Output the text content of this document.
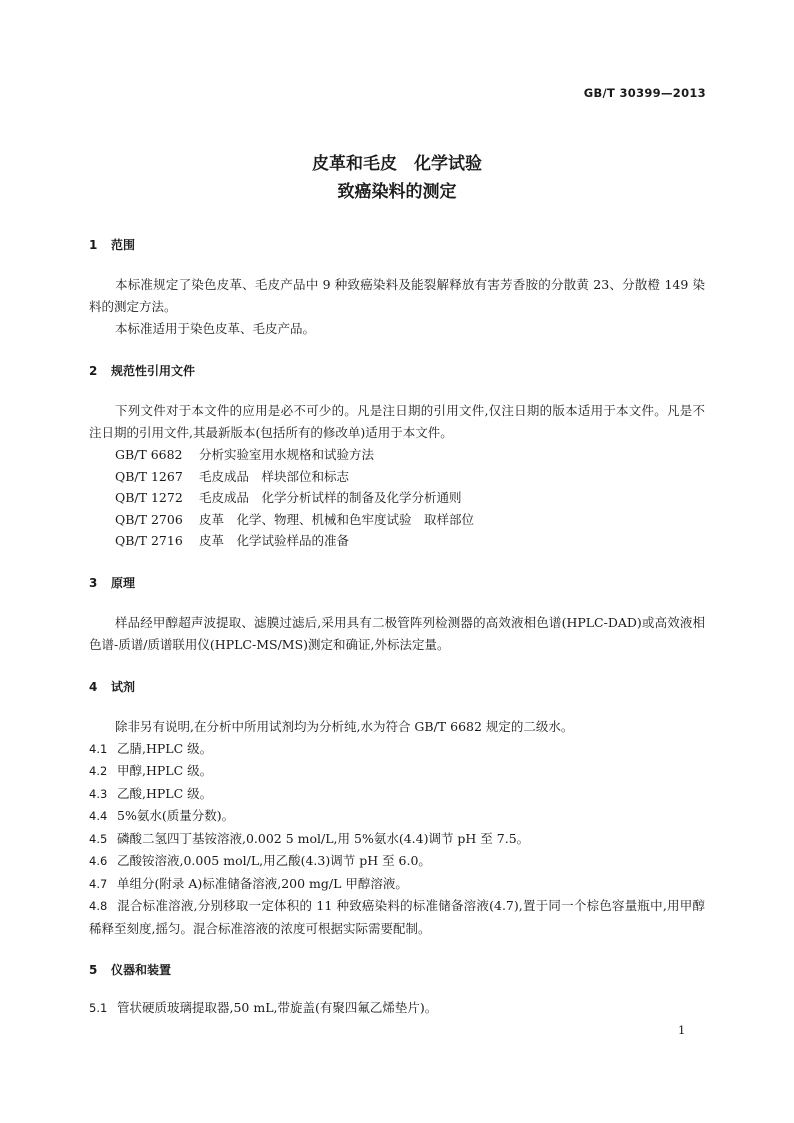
GB/T 30399—2013
皮革和毛皮　化学试验
致癌染料的测定
1 范围
本标准规定了染色皮革、毛皮产品中 9 种致癌染料及能裂解释放有害芳香胺的分散黄 23、分散橙 149 染料的测定方法。
本标准适用于染色皮革、毛皮产品。
2 规范性引用文件
下列文件对于本文件的应用是必不可少的。凡是注日期的引用文件,仅注日期的版本适用于本文件。凡是不注日期的引用文件,其最新版本(包括所有的修改单)适用于本文件。
GB/T 6682 分析实验室用水规格和试验方法
QB/T 1267 毛皮成品　样块部位和标志
QB/T 1272 毛皮成品　化学分析试样的制备及化学分析通则
QB/T 2706 皮革　化学、物理、机械和色牢度试验　取样部位
QB/T 2716 皮革　化学试验样品的准备
3 原理
样品经甲醇超声波提取、滤膜过滤后,采用具有二极管阵列检测器的高效液相色谱(HPLC-DAD)或高效液相色谱-质谱/质谱联用仪(HPLC-MS/MS)测定和确证,外标法定量。
4 试剂
除非另有说明,在分析中所用试剂均为分析纯,水为符合 GB/T 6682 规定的二级水。
4.1 乙腈,HPLC 级。
4.2 甲醇,HPLC 级。
4.3 乙酸,HPLC 级。
4.4 5%氨水(质量分数)。
4.5 磷酸二氢四丁基铵溶液,0.002 5 mol/L,用 5%氨水(4.4)调节 pH 至 7.5。
4.6 乙酸铵溶液,0.005 mol/L,用乙酸(4.3)调节 pH 至 6.0。
4.7 单组分(附录 A)标准储备溶液,200 mg/L 甲醇溶液。
4.8 混合标准溶液,分别移取一定体积的 11 种致癌染料的标准储备溶液(4.7),置于同一个棕色容量瓶中,用甲醇稀释至刻度,摇匀。混合标准溶液的浓度可根据实际需要配制。
5 仪器和装置
5.1 管状硬质玻璃提取器,50 mL,带旋盖(有聚四氟乙烯垫片)。
1
